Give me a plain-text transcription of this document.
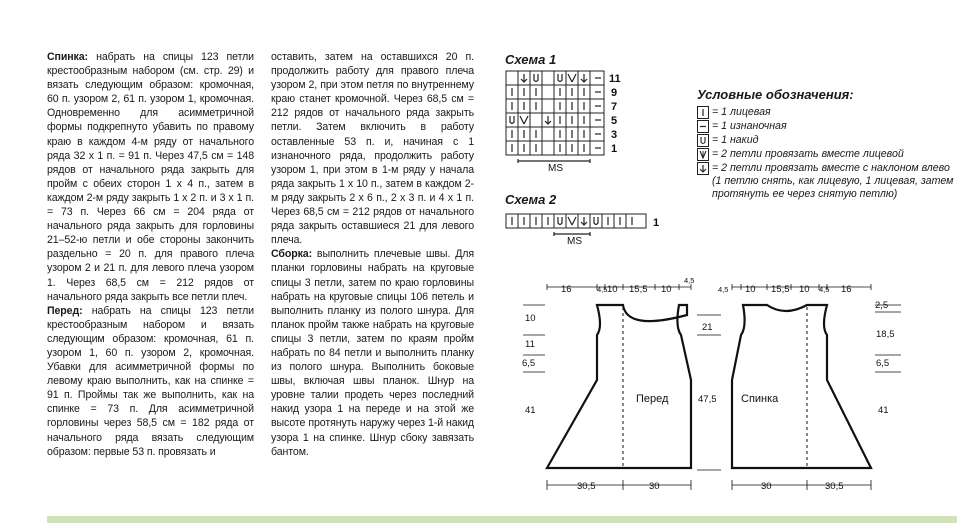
Спинка: набрать на спицы 123 петли крестообразным набором (см. стр. 29) и вязать следующим образом: кромочная, 60 п. узором 2, 61 п. узором 1, кромочная. Одновременно для асимметричной формы подкрепнуто убавить по правому краю в каждом 4-м ряду от начального ряда 32 х 1 п. = 91 п. Через 47,5 см = 148 рядов от начального ряда закрыть для пройм с обеих сторон 1 х 4 п., затем в каждом 2-м ряду закрыть 1 х 2 п. и 3 х 1 п. = 73 п. Через 66 см = 204 ряда от начального ряда закрыть для горловины 21–52-ю петли и обе стороны закончить раздельно = 20 п. для правого плеча узором 2 и 21 п. для левого плеча узором 1. Через 68,5 см = 212 рядов от начального ряда закрыть все петли плеч.

Перед: набрать на спицы 123 петли крестообразным набором и вязать следующим образом: кромочная, 61 п. узором 1, 60 п. узором 2, кромочная. Убавки для асимметричной формы по левому краю выполнить, как на спинке = 91 п. Проймы так же выполнить, как на спинке = 73 п. Для асимметричной горловины через 58,5 см = 182 ряда от начального ряда вязать следующим образом: первые 53 п. провязать и

оставить, затем на оставшихся 20 п. продолжить работу для правого плеча узором 2, при этом петля по внутреннему краю станет кромочной. Через 68,5 см = 212 рядов от начального ряда закрыть петли. Затем включить в работу оставленные 53 п. и, начиная с 1 изнаночного ряда, продолжить работу узором 1, при этом в 1-м ряду у начала ряда закрыть 1 х 10 п., затем в каждом 2-м ряду закрыть 2 х 6 п., 2 х 3 п. и 4 х 1 п. Через 68,5 см = 212 рядов от начального ряда закрыть оставшиеся 21 для левого плеча.

Сборка: выполнить плечевые швы. Для планки горловины набрать на круговые спицы 3 петли, затем по краю горловины набрать на круговые спицы 106 петель и выполнить планку из полого шнура. Для планок пройм также набрать на круговые спицы 3 петли, затем по краям пройм набрать по 84 петли и выполнить планку из полого шнура. Выполнить боковые швы, включая швы планок. Шнур на уровне талии продеть через последний накид узора 1 на переде и на этой же высоте протянуть наружу через 1-й накид узора 1 на спинке. Шнур сбоку завязать бантом.

Схема 1
Схема 2
11
9
7
5
3
1
MS
1
MS
Условные обозначения:
= 1 лицевая
= 1 изнаночная
= 1 накид
= 2 петли провязать вместе лицевой
= 2 петли провязать вместе с наклоном влево (1 петлю снять, как лицевую, 1 лицевая, затем протянуть ее через снятую петлю)
16	4,5 10 15,5 10
4,5
4,5 10 15,5 10 4,5 16
10
11
6,5
41
21
47,5
2,5
18,5
6,5
41
30,5	30	30	30,5
Перед	Спинка
